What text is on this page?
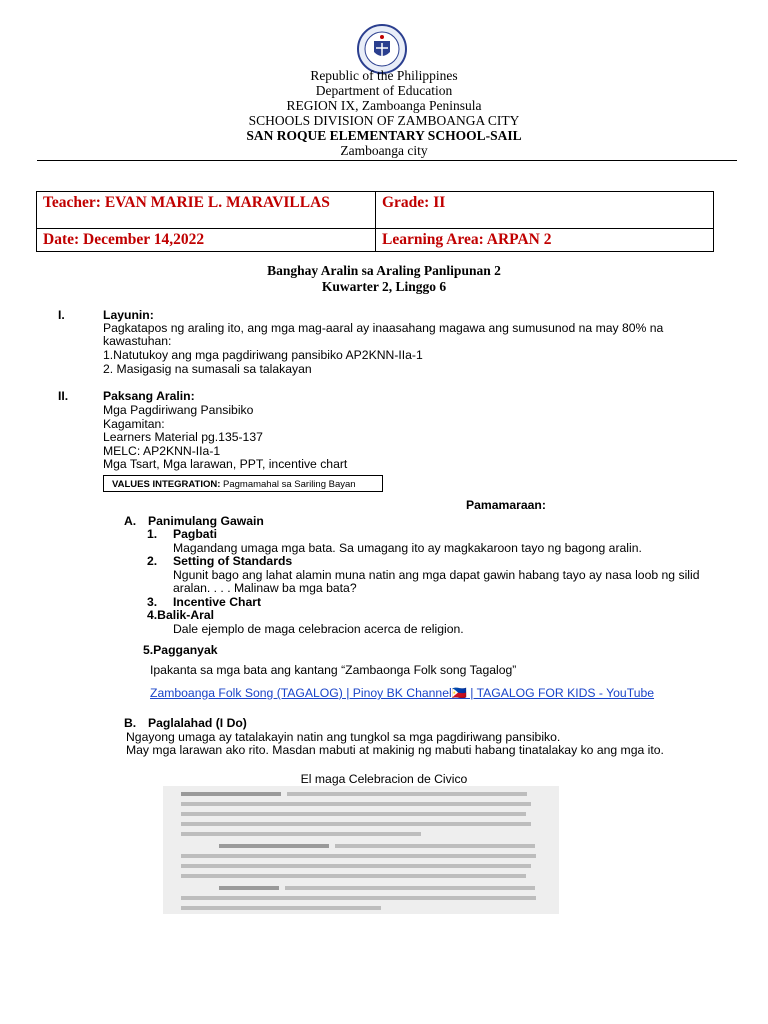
Republic of the Philippines
Department of Education
REGION IX, Zamboanga Peninsula
SCHOOLS DIVISION OF ZAMBOANGA CITY
SAN ROQUE ELEMENTARY SCHOOL-SAIL
Zamboanga city
Teacher: EVAN MARIE L. MARAVILLAS	Grade: II
Date: December 14,2022	Learning Area: ARPAN 2
Banghay Aralin sa Araling Panlipunan 2
Kuwarter 2, Linggo 6
I.	Layunin:
Pagkatapos ng araling ito, ang mga mag-aaral ay inaasahang magawa ang sumusunod na may 80% na
kawastuhan:
1.Natutukoy ang mga pagdiriwang pansibiko AP2KNN-IIa-1
2. Masigasig na sumasali sa talakayan
II.	Paksang Aralin:
Mga Pagdiriwang Pansibiko
Kagamitan:
Learners Material pg.135-137
MELC: AP2KNN-IIa-1
Mga Tsart, Mga larawan, PPT, incentive chart
VALUES INTEGRATION: Pagmamahal sa Sariling Bayan
Pamamaraan:
A. Panimulang Gawain
1. Pagbati
Magandang umaga mga bata. Sa umagang ito ay magkakaroon tayo ng bagong aralin.
2. Setting of Standards
Ngunit bago ang lahat alamin muna natin ang mga dapat gawin habang tayo ay nasa loob ng silid
aralan. . . . Malinaw ba mga bata?
3. Incentive Chart
4.Balik-Aral
Dale ejemplo de maga celebracion acerca de religion.
5.Pagganyak
Ipakanta sa mga bata ang kantang “Zambaonga Folk song Tagalog”
Zamboanga Folk Song (TAGALOG) | Pinoy BK Channel🇵🇭 | TAGALOG FOR KIDS - YouTube
B. Paglalahad (I Do)
Ngayong umaga ay tatalakayin natin ang tungkol sa mga pagdiriwang pansibiko.
May mga larawan ako rito. Masdan mabuti at makinig ng mabuti habang tinatalakay ko ang mga ito.
El maga Celebracion de Civico
